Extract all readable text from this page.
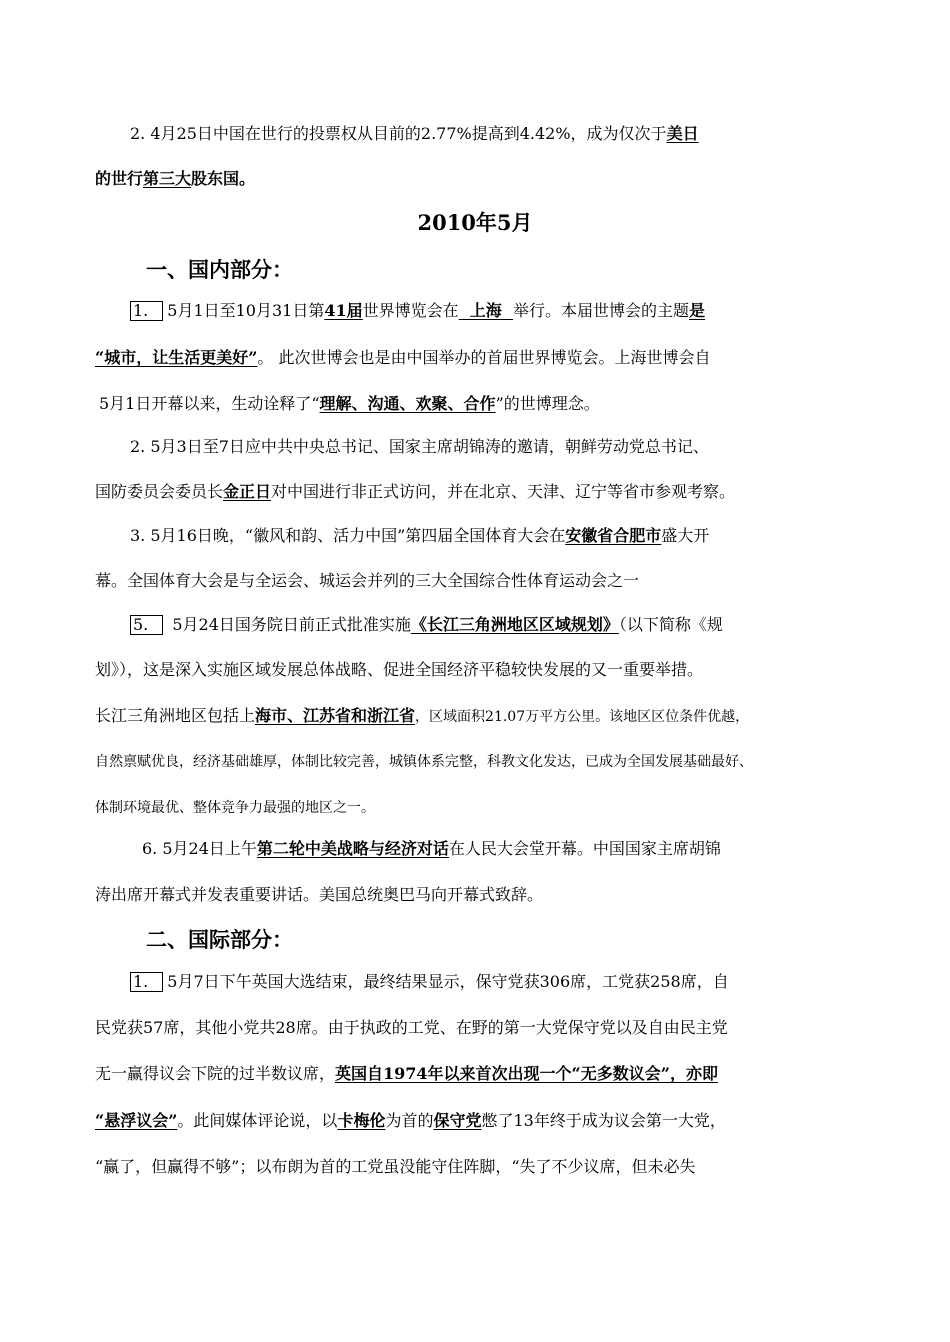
2. 4月25日中国在世行的投票权从目前的2.77%提高到4.42%，成为仅次于美日
的世行第三大股东国。
2010年5月
一、国内部分：
1. 5月1日至10月31日第41届世界博览会在  上海  举行。本届世博会的主题是
“城市，让生活更美好”。 此次世博会也是由中国举办的首届世界博览会。上海世博会自
5月1日开幕以来，生动诠释了“理解、沟通、欢聚、合作”的世博理念。
2. 5月3日至7日应中共中央总书记、国家主席胡锦涛的邀请，朝鲜劳动党总书记、
国防委员会委员长金正日对中国进行非正式访问，并在北京、天津、辽宁等省市参观考察。
3. 5月16日晚，“徽风和韵、活力中国”第四届全国体育大会在安徽省合肥市盛大开
幕。全国体育大会是与全运会、城运会并列的三大全国综合性体育运动会之一
5. 5月24日国务院日前正式批准实施《长江三角洲地区区域规划》（以下简称《规
划》），这是深入实施区域发展总体战略、促进全国经济平稳较快发展的又一重要举措。
长江三角洲地区包括上海市、江苏省和浙江省，区域面积21.07万平方公里。该地区区位条件优越，
自然禀赋优良，经济基础雄厚，体制比较完善，城镇体系完整，科教文化发达，已成为全国发展基础最好、
体制环境最优、整体竞争力最强的地区之一。
6. 5月24日上午第二轮中美战略与经济对话在人民大会堂开幕。中国国家主席胡锦
涛出席开幕式并发表重要讲话。美国总统奥巴马向开幕式致辞。
二、国际部分：
1. 5月7日下午英国大选结束，最终结果显示，保守党获306席，工党获258席，自
民党获57席，其他小党共28席。由于执政的工党、在野的第一大党保守党以及自由民主党
无一赢得议会下院的过半数议席，英国自1974年以来首次出现一个“无多数议会”，亦即
“悬浮议会”。此间媒体评论说，以卡梅伦为首的保守党憋了13年终于成为议会第一大党，
“赢了，但赢得不够”；以布朗为首的工党虽没能守住阵脚，“失了不少议席，但未必失
